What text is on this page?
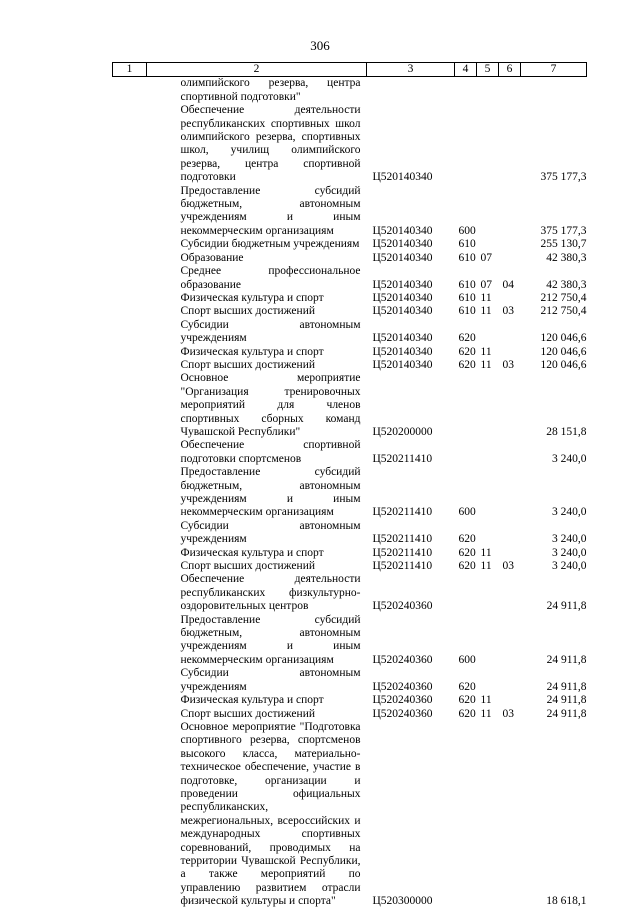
306
1	2	3	4	5	6	7
	олимпийского резерва, центра спортивной подготовки"					
	Обеспечение деятельности республиканских спортивных школ олимпийского резерва, спортивных школ, училищ олимпийского резерва, центра спортивной подготовки	Ц520140340				375 177,3
	Предоставление субсидий бюджетным, автономным учреждениям и иным некоммерческим организациям	Ц520140340	600			375 177,3
	Субсидии бюджетным учреждениям	Ц520140340	610			255 130,7
	Образование	Ц520140340	610	07		42 380,3
	Среднее профессиональное образование	Ц520140340	610	07	04	42 380,3
	Физическая культура и спорт	Ц520140340	610	11		212 750,4
	Спорт высших достижений	Ц520140340	610	11	03	212 750,4
	Субсидии автономным учреждениям	Ц520140340	620			120 046,6
	Физическая культура и спорт	Ц520140340	620	11		120 046,6
	Спорт высших достижений	Ц520140340	620	11	03	120 046,6
	Основное мероприятие "Организация тренировочных мероприятий для членов спортивных сборных команд Чувашской Республики"	Ц520200000				28 151,8
	Обеспечение спортивной подготовки спортсменов	Ц520211410				3 240,0
	Предоставление субсидий бюджетным, автономным учреждениям и иным некоммерческим организациям	Ц520211410	600			3 240,0
	Субсидии автономным учреждениям	Ц520211410	620			3 240,0
	Физическая культура и спорт	Ц520211410	620	11		3 240,0
	Спорт высших достижений	Ц520211410	620	11	03	3 240,0
	Обеспечение деятельности республиканских физкультурно-оздоровительных центров	Ц520240360				24 911,8
	Предоставление субсидий бюджетным, автономным учреждениям и иным некоммерческим организациям	Ц520240360	600			24 911,8
	Субсидии автономным учреждениям	Ц520240360	620			24 911,8
	Физическая культура и спорт	Ц520240360	620	11		24 911,8
	Спорт высших достижений	Ц520240360	620	11	03	24 911,8
	Основное мероприятие "Подготовка спортивного резерва, спортсменов высокого класса, материально-техническое обеспечение, участие в подготовке, организации и проведении официальных республиканских, межрегиональных, всероссийских и международных спортивных соревнований, проводимых на территории Чувашской Республики, а также мероприятий по управлению развитием отрасли физической культуры и спорта"	Ц520300000				18 618,1
